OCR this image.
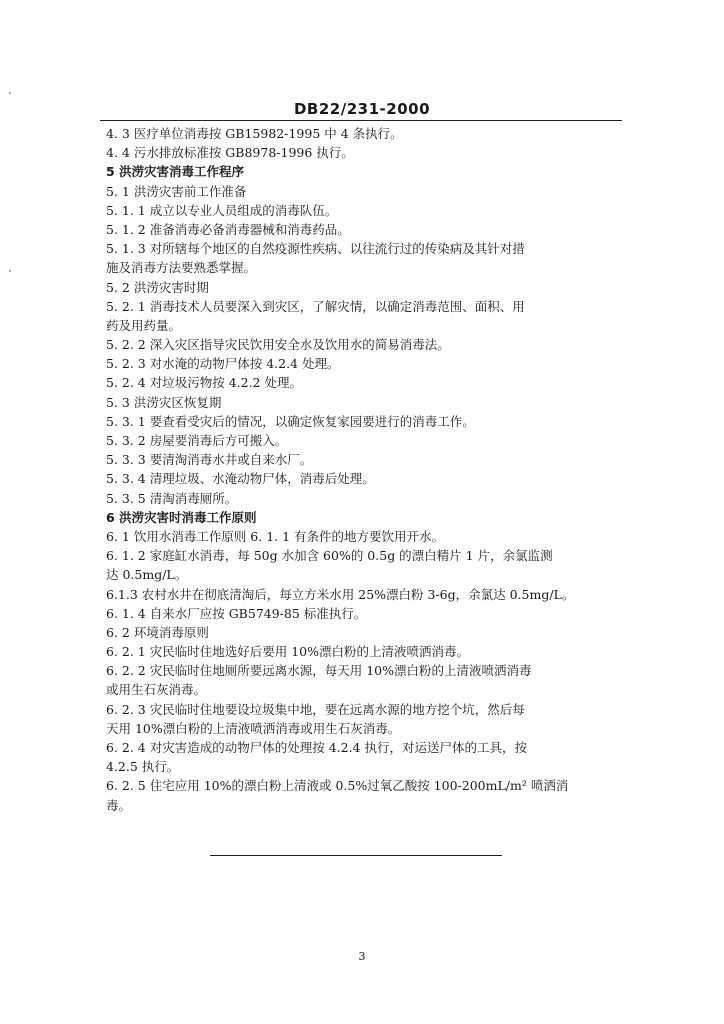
DB22/231-2000
4. 3 医疗单位消毒按 GB15982-1995 中 4 条执行。
4. 4 污水排放标准按 GB8978-1996 执行。
5 洪涝灾害消毒工作程序
5. 1 洪涝灾害前工作准备
5. 1. 1 成立以专业人员组成的消毒队伍。
5. 1. 2 准备消毒必备消毒器械和消毒药品。
5. 1. 3 对所辖每个地区的自然疫源性疾病、以往流行过的传染病及其针对措
施及消毒方法要熟悉掌握。
5. 2 洪涝灾害时期
5. 2. 1 消毒技术人员要深入到灾区，了解灾情，以确定消毒范围、面积、用
药及用药量。
5. 2. 2 深入灾区指导灾民饮用安全水及饮用水的简易消毒法。
5. 2. 3 对水淹的动物尸体按 4.2.4 处理。
5. 2. 4 对垃圾污物按 4.2.2 处理。
5. 3 洪涝灾区恢复期
5. 3. 1 要查看受灾后的情况，以确定恢复家园要进行的消毒工作。
5. 3. 2 房屋要消毒后方可搬入。
5. 3. 3 要清淘消毒水井或自来水厂。
5. 3. 4 清理垃圾、水淹动物尸体，消毒后处理。
5. 3. 5 清淘消毒厕所。
6 洪涝灾害时消毒工作原则
6. 1 饮用水消毒工作原则 6. 1. 1 有条件的地方要饮用开水。
6. 1. 2 家庭缸水消毒，每 50g 水加含 60%的 0.5g 的漂白精片 1 片，余氯监测
达 0.5mg/L。
6.1.3 农村水井在彻底清淘后，每立方米水用 25%漂白粉 3-6g，余氯达 0.5mg/L。
6. 1. 4 自来水厂应按 GB5749-85 标准执行。
6. 2 环境消毒原则
6. 2. 1 灾民临时住地选好后要用 10%漂白粉的上清液喷洒消毒。
6. 2. 2 灾民临时住地厕所要远离水源，每天用 10%漂白粉的上清液喷洒消毒
或用生石灰消毒。
6. 2. 3 灾民临时住地要设垃圾集中地，要在远离水源的地方挖个坑，然后每
天用 10%漂白粉的上清液喷洒消毒或用生石灰消毒。
6. 2. 4 对灾害造成的动物尸体的处理按 4.2.4 执行，对运送尸体的工具，按
4.2.5 执行。
6. 2. 5 住宅应用 10%的漂白粉上清液或 0.5%过氧乙酸按 100-200mL/m² 喷洒消
毒。
3
